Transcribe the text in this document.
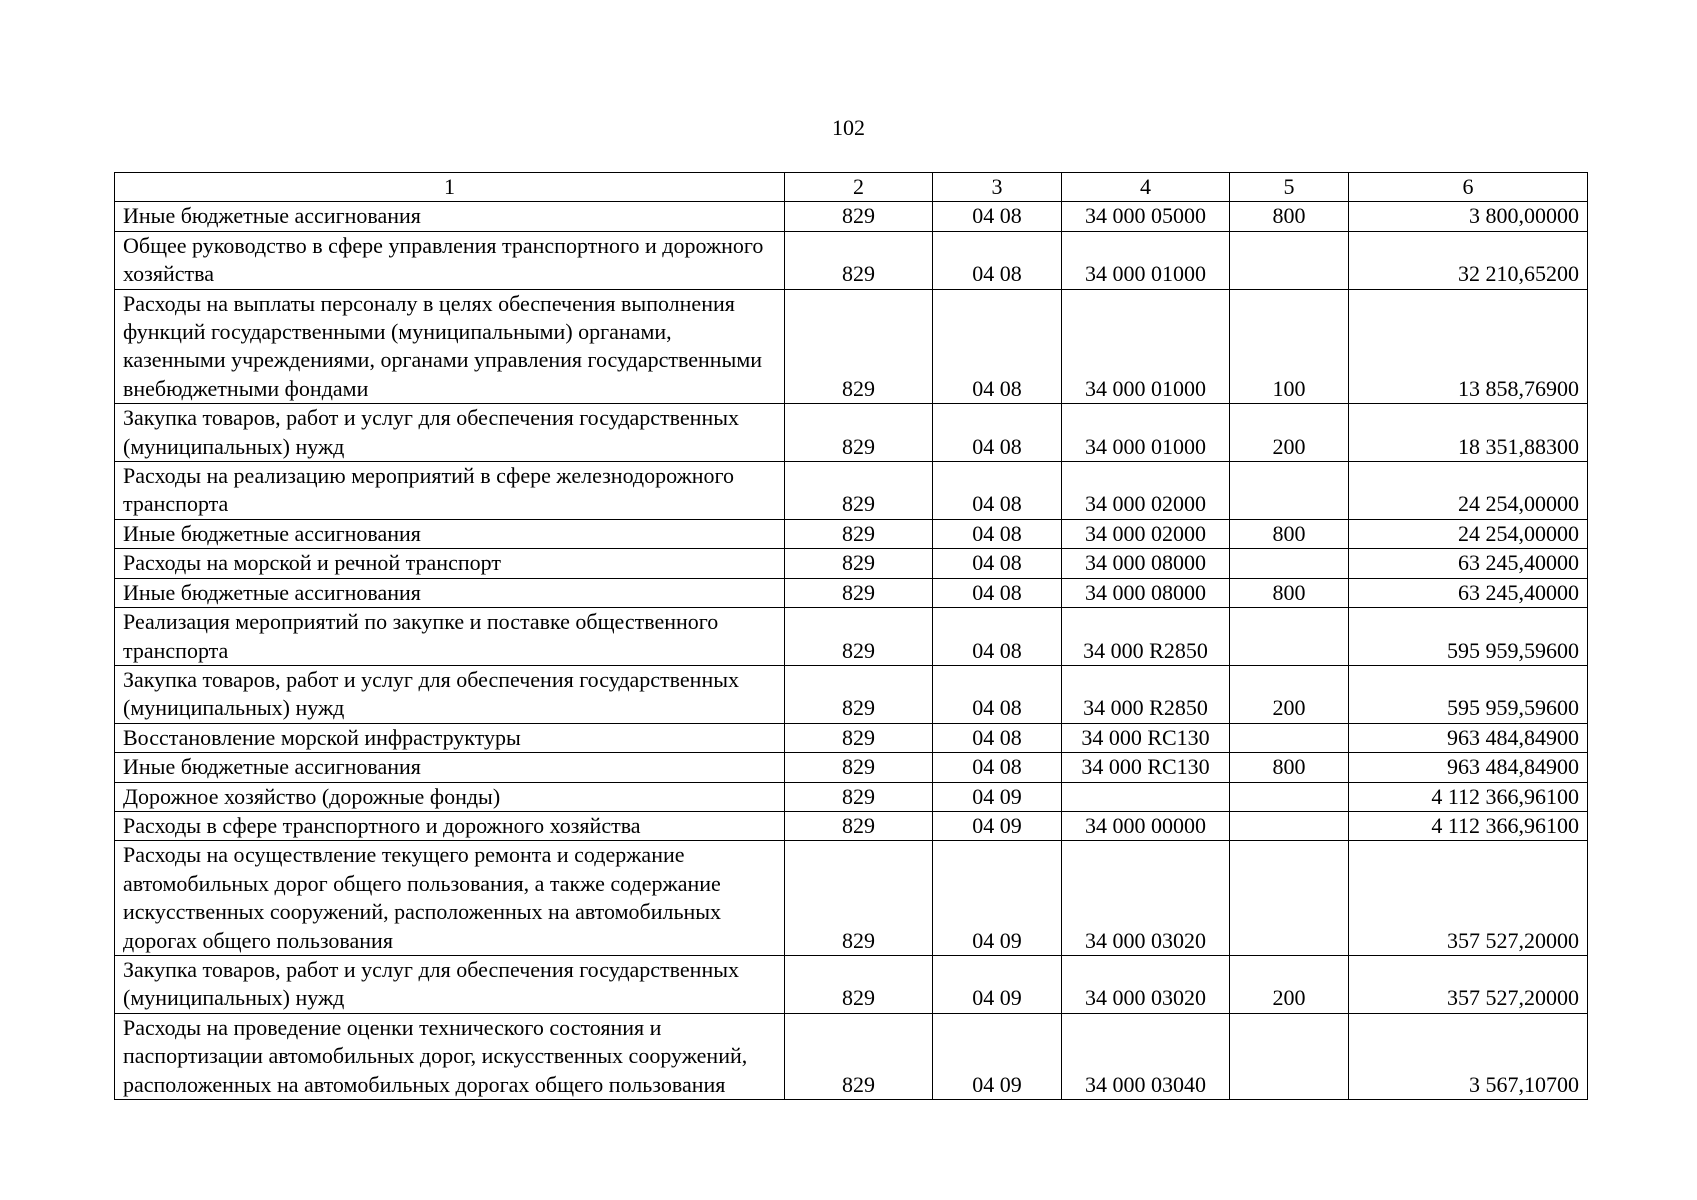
102
1	2	3	4	5	6
Иные бюджетные ассигнования	829	04 08	34 000 05000	800	3 800,00000
Общее руководство в сфере управления транспортного и дорожного хозяйства	829	04 08	34 000 01000		32 210,65200
Расходы на выплаты персоналу в целях обеспечения выполнения функций государственными (муниципальными) органами, казенными учреждениями, органами управления государственными внебюджетными фондами	829	04 08	34 000 01000	100	13 858,76900
Закупка товаров, работ и услуг для обеспечения государственных (муниципальных) нужд	829	04 08	34 000 01000	200	18 351,88300
Расходы на реализацию мероприятий в сфере железнодорожного транспорта	829	04 08	34 000 02000		24 254,00000
Иные бюджетные ассигнования	829	04 08	34 000 02000	800	24 254,00000
Расходы на морской и речной транспорт	829	04 08	34 000 08000		63 245,40000
Иные бюджетные ассигнования	829	04 08	34 000 08000	800	63 245,40000
Реализация мероприятий по закупке и поставке общественного транспорта	829	04 08	34 000 R2850		595 959,59600
Закупка товаров, работ и услуг для обеспечения государственных (муниципальных) нужд	829	04 08	34 000 R2850	200	595 959,59600
Восстановление морской инфраструктуры	829	04 08	34 000 RC130		963 484,84900
Иные бюджетные ассигнования	829	04 08	34 000 RC130	800	963 484,84900
Дорожное хозяйство (дорожные фонды)	829	04 09			4 112 366,96100
Расходы в сфере транспортного и дорожного хозяйства	829	04 09	34 000 00000		4 112 366,96100
Расходы на осуществление текущего ремонта и содержание автомобильных дорог общего пользования, а также содержание искусственных сооружений, расположенных на автомобильных дорогах общего пользования	829	04 09	34 000 03020		357 527,20000
Закупка товаров, работ и услуг для обеспечения государственных (муниципальных) нужд	829	04 09	34 000 03020	200	357 527,20000
Расходы на проведение оценки технического состояния и паспортизации автомобильных дорог, искусственных сооружений, расположенных на автомобильных дорогах общего пользования	829	04 09	34 000 03040		3 567,10700
